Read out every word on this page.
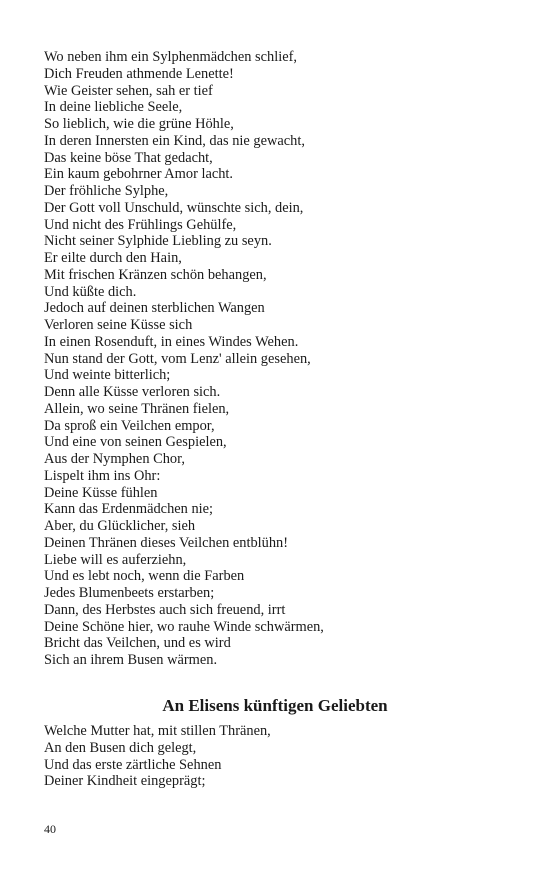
Wo neben ihm ein Sylphenmädchen schlief,
Dich Freuden athmende Lenette!
Wie Geister sehen, sah er tief
In deine liebliche Seele,
So lieblich, wie die grüne Höhle,
In deren Innersten ein Kind, das nie gewacht,
Das keine böse That gedacht,
Ein kaum gebohrner Amor lacht.
Der fröhliche Sylphe,
Der Gott voll Unschuld, wünschte sich, dein,
Und nicht des Frühlings Gehülfe,
Nicht seiner Sylphide Liebling zu seyn.
Er eilte durch den Hain,
Mit frischen Kränzen schön behangen,
Und küßte dich.
Jedoch auf deinen sterblichen Wangen
Verloren seine Küsse sich
In einen Rosenduft, in eines Windes Wehen.
Nun stand der Gott, vom Lenz' allein gesehen,
Und weinte bitterlich;
Denn alle Küsse verloren sich.
Allein, wo seine Thränen fielen,
Da sproß ein Veilchen empor,
Und eine von seinen Gespielen,
Aus der Nymphen Chor,
Lispelt ihm ins Ohr:
Deine Küsse fühlen
Kann das Erdenmädchen nie;
Aber, du Glücklicher, sieh
Deinen Thränen dieses Veilchen entblühn!
Liebe will es auferziehn,
Und es lebt noch, wenn die Farben
Jedes Blumenbeets erstarben;
Dann, des Herbstes auch sich freuend, irrt
Deine Schöne hier, wo rauhe Winde schwärmen,
Bricht das Veilchen, und es wird
Sich an ihrem Busen wärmen.
An Elisens künftigen Geliebten
Welche Mutter hat, mit stillen Thränen,
An den Busen dich gelegt,
Und das erste zärtliche Sehnen
Deiner Kindheit eingeprägt;
40
